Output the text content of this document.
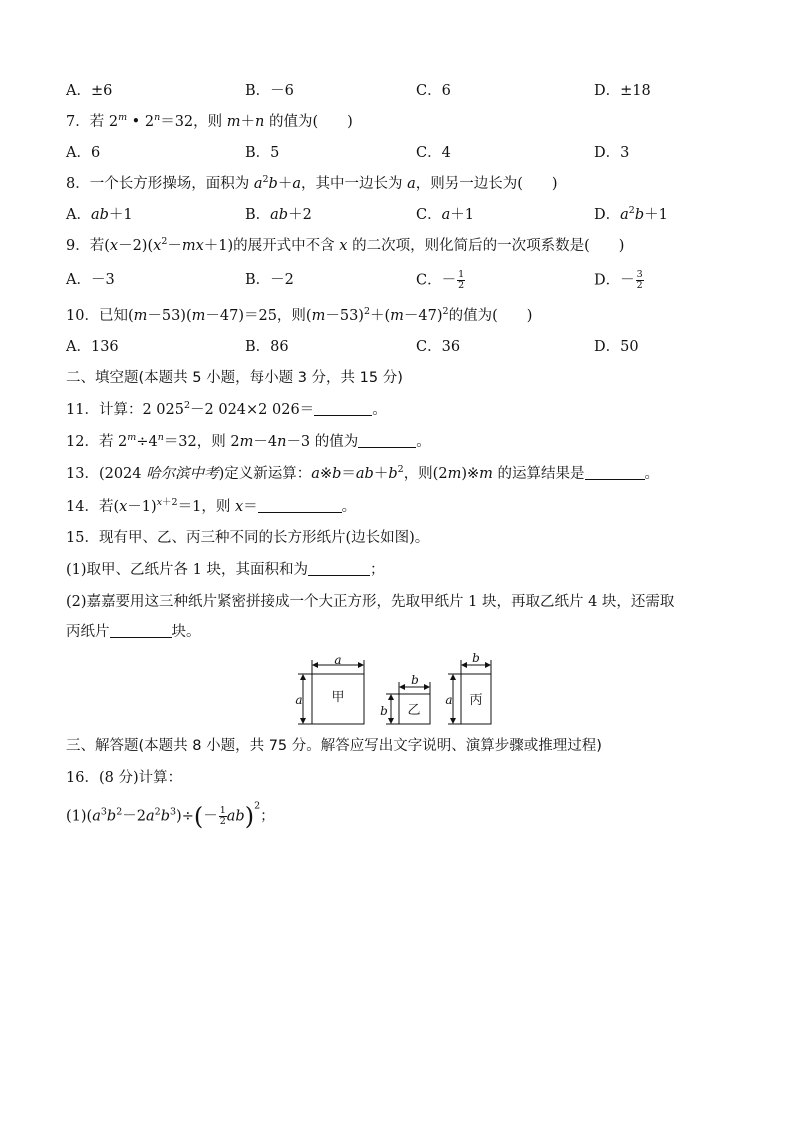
A．±6	B．－6	C．6	D．±18
7．若 2$^m$ • $2^n=32$，则 m＋n 的值为(　　)
A．6	B．5	C．4	D．3
8．一个长方形操场，面积为 $a^2b+a$，其中一边长为 a，则另一边长为(　　)
A．ab＋1	B．ab＋2	C．a＋1	D．$a^2b+1$
9．若$(x-2)(x^2-mx+1)$的展开式中不含 x 的二次项，则化简后的一次项系数是(　　)
A．－3	B．－2	C．－ $\frac{1}{2}$	D．－ $\frac{3}{2}$
10．已知(m－53)(m－47)＝25，则$(m-53)^2+(m-47)^2$的值为(　　)
A．136	B．86	C．36	D．50
二、填空题(本题共 5 小题，每小题 3 分，共 15 分)
11．计算：2 $025^2-2$ 024×2 026＝	。
12．若 $2^m\div 4^n=32$，则 2m－4n－3 的值为	。
13．(2024 哈尔滨中考)定义新运算：$a※b=ab+b^2$，则(2m)※m 的运算结果是	。
14．若$(x-1)^{x+2}=1$，则 x＝	。
15．现有甲、乙、丙三种不同的长方形纸片(边长如图)。
(1)取甲、乙纸片各 1 块，其面积和为	；
(2)嘉嘉要用这三种纸片紧密拼接成一个大正方形，先取甲纸片 1 块，再取乙纸片 4 块，还需取
丙纸片	块。
甲
乙
丙
a
a
b
b
b
a
三、解答题(本题共 8 小题，共 75 分。解答应写出文字说明、演算步骤或推理过程)
16．(8 分)计算：
$(1)(a^3b^2-2a^2b^3)\div(- \frac{1}{2} ab)^2$；
